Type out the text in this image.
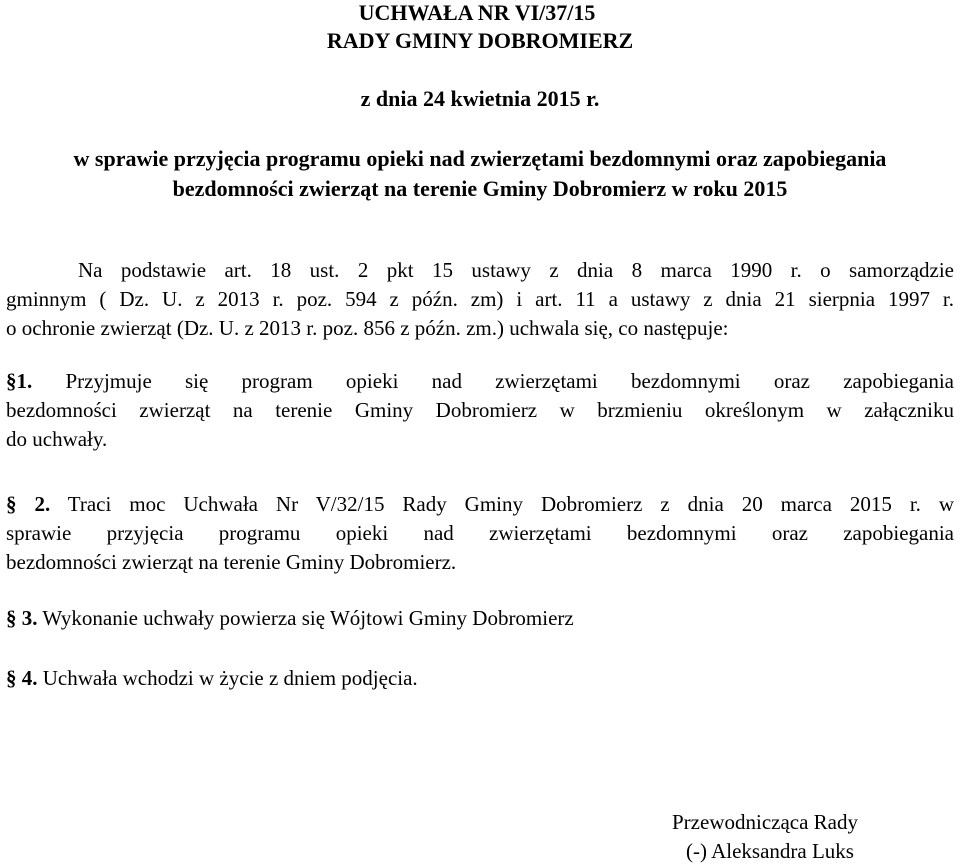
UCHWAŁA NR VI/37/15
RADY GMINY DOBROMIERZ
z dnia 24 kwietnia 2015 r.
w sprawie przyjęcia programu opieki nad zwierzętami bezdomnymi oraz zapobiegania
bezdomności zwierząt na terenie Gminy Dobromierz w roku 2015

Na podstawie art. 18 ust. 2 pkt 15 ustawy z dnia 8 marca 1990 r. o samorządzie
gminnym ( Dz. U. z 2013 r. poz. 594 z późn. zm) i art. 11 a ustawy z dnia 21 sierpnia 1997 r.
o ochronie zwierząt (Dz. U. z 2013 r. poz. 856 z późn. zm.) uchwala się, co następuje:

§1. Przyjmuje się program opieki nad zwierzętami bezdomnymi oraz zapobiegania
bezdomności zwierząt na terenie Gminy Dobromierz w brzmieniu określonym w załączniku
do uchwały.

§ 2. Traci moc Uchwała Nr V/32/15 Rady Gminy Dobromierz z dnia 20 marca 2015 r. w
sprawie przyjęcia programu opieki nad zwierzętami bezdomnymi oraz zapobiegania
bezdomności zwierząt na terenie Gminy Dobromierz.

§ 3. Wykonanie uchwały powierza się Wójtowi Gminy Dobromierz

§ 4. Uchwała wchodzi w życie z dniem podjęcia.

Przewodnicząca Rady

(-) Aleksandra Luks
